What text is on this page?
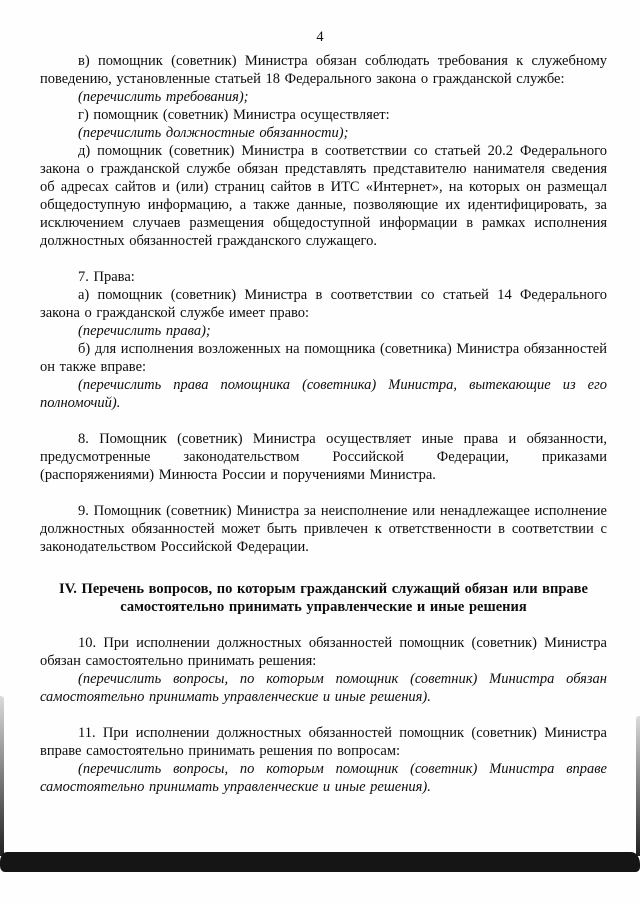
4

в) помощник (советник) Министра обязан соблюдать требования к служебному поведению, установленные статьей 18 Федерального закона о гражданской службе:

(перечислить требования);

г) помощник (советник) Министра осуществляет:

(перечислить должностные обязанности);

д) помощник (советник) Министра в соответствии со статьей 20.2 Федерального закона о гражданской службе обязан представлять представителю нанимателя сведения об адресах сайтов и (или) страниц сайтов в ИТС «Интернет», на которых он размещал общедоступную информацию, а также данные, позволяющие их идентифицировать, за исключением случаев размещения общедоступной информации в рамках исполнения должностных обязанностей гражданского служащего.

7. Права:

а) помощник (советник) Министра в соответствии со статьей 14 Федерального закона о гражданской службе имеет право:

(перечислить права);

б) для исполнения возложенных на помощника (советника) Министра обязанностей он также вправе:

(перечислить права помощника (советника) Министра, вытекающие из его полномочий).

8. Помощник (советник) Министра осуществляет иные права и обязанности, предусмотренные законодательством Российской Федерации, приказами (распоряжениями) Минюста России и поручениями Министра.

9. Помощник (советник) Министра за неисполнение или ненадлежащее исполнение должностных обязанностей может быть привлечен к ответственности в соответствии с законодательством Российской Федерации.

IV. Перечень вопросов, по которым гражданский служащий обязан или вправе самостоятельно принимать управленческие и иные решения

10. При исполнении должностных обязанностей помощник (советник) Министра обязан самостоятельно принимать решения:

(перечислить вопросы, по которым помощник (советник) Министра обязан самостоятельно принимать управленческие и иные решения).

11. При исполнении должностных обязанностей помощник (советник) Министра вправе самостоятельно принимать решения по вопросам:

(перечислить вопросы, по которым помощник (советник) Министра вправе самостоятельно принимать управленческие и иные решения).
